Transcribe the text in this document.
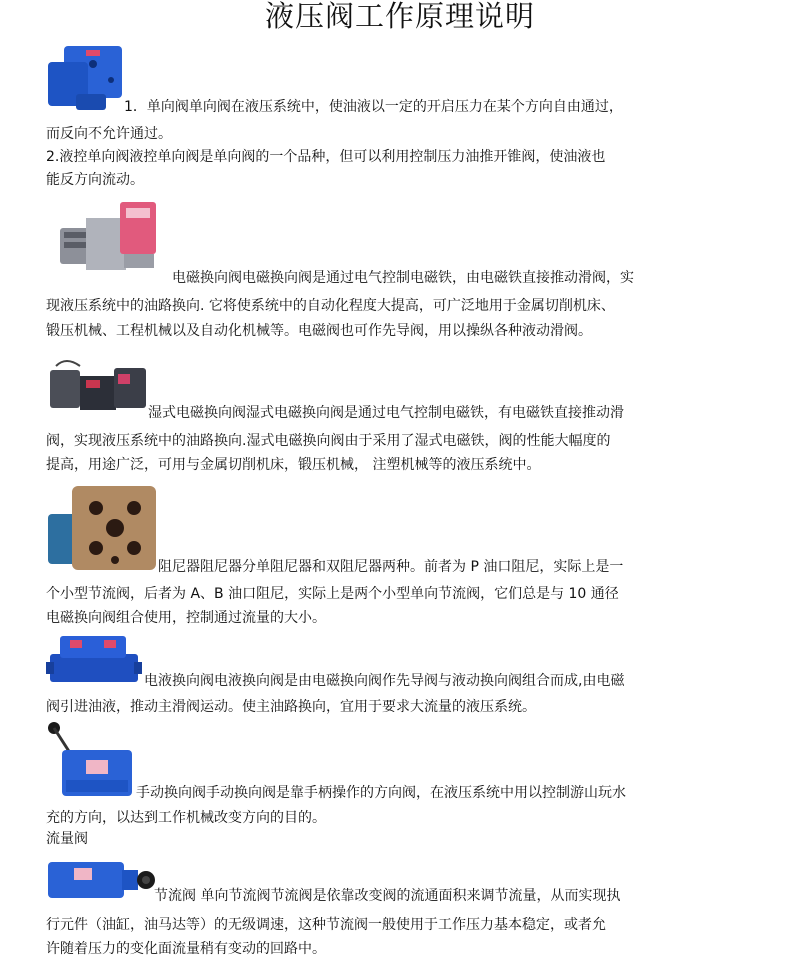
液压阀工作原理说明
1．单向阀单向阀在液压系统中，使油液以一定的开启压力在某个方向自由通过，
而反向不允许通过。
2.液控单向阀液控单向阀是单向阀的一个品种，但可以利用控制压力油推开锥阀，使油液也
能反方向流动。
电磁换向阀电磁换向阀是通过电气控制电磁铁，由电磁铁直接推动滑阀，实
现液压系统中的油路换向. 它将使系统中的自动化程度大提高，可广泛地用于金属切削机床、
锻压机械、工程机械以及自动化机械等。电磁阀也可作先导阀，用以操纵各种液动滑阀。
湿式电磁换向阀湿式电磁换向阀是通过电气控制电磁铁，有电磁铁直接推动滑
阀，实现液压系统中的油路换向.湿式电磁换向阀由于采用了湿式电磁铁，阀的性能大幅度的
提高，用途广泛，可用与金属切削机床，锻压机械， 注塑机械等的液压系统中。
阻尼器阻尼器分单阻尼器和双阻尼器两种。前者为 P 油口阻尼，实际上是一
个小型节流阀，后者为 A、B 油口阻尼，实际上是两个小型单向节流阀，它们总是与 10 通径
电磁换向阀组合使用，控制通过流量的大小。
电液换向阀电液换向阀是由电磁换向阀作先导阀与液动换向阀组合而成,由电磁
阀引进油液，推动主滑阀运动。使主油路换向，宜用于要求大流量的液压系统。
手动换向阀手动换向阀是靠手柄操作的方向阀，在液压系统中用以控制游山玩水
充的方向，以达到工作机械改变方向的目的。
流量阀
节流阀 单向节流阀节流阀是依靠改变阀的流通面积来调节流量，从而实现执
行元件（油缸，油马达等）的无级调速，这种节流阀一般使用于工作压力基本稳定，或者允
许随着压力的变化面流量稍有变动的回路中。
